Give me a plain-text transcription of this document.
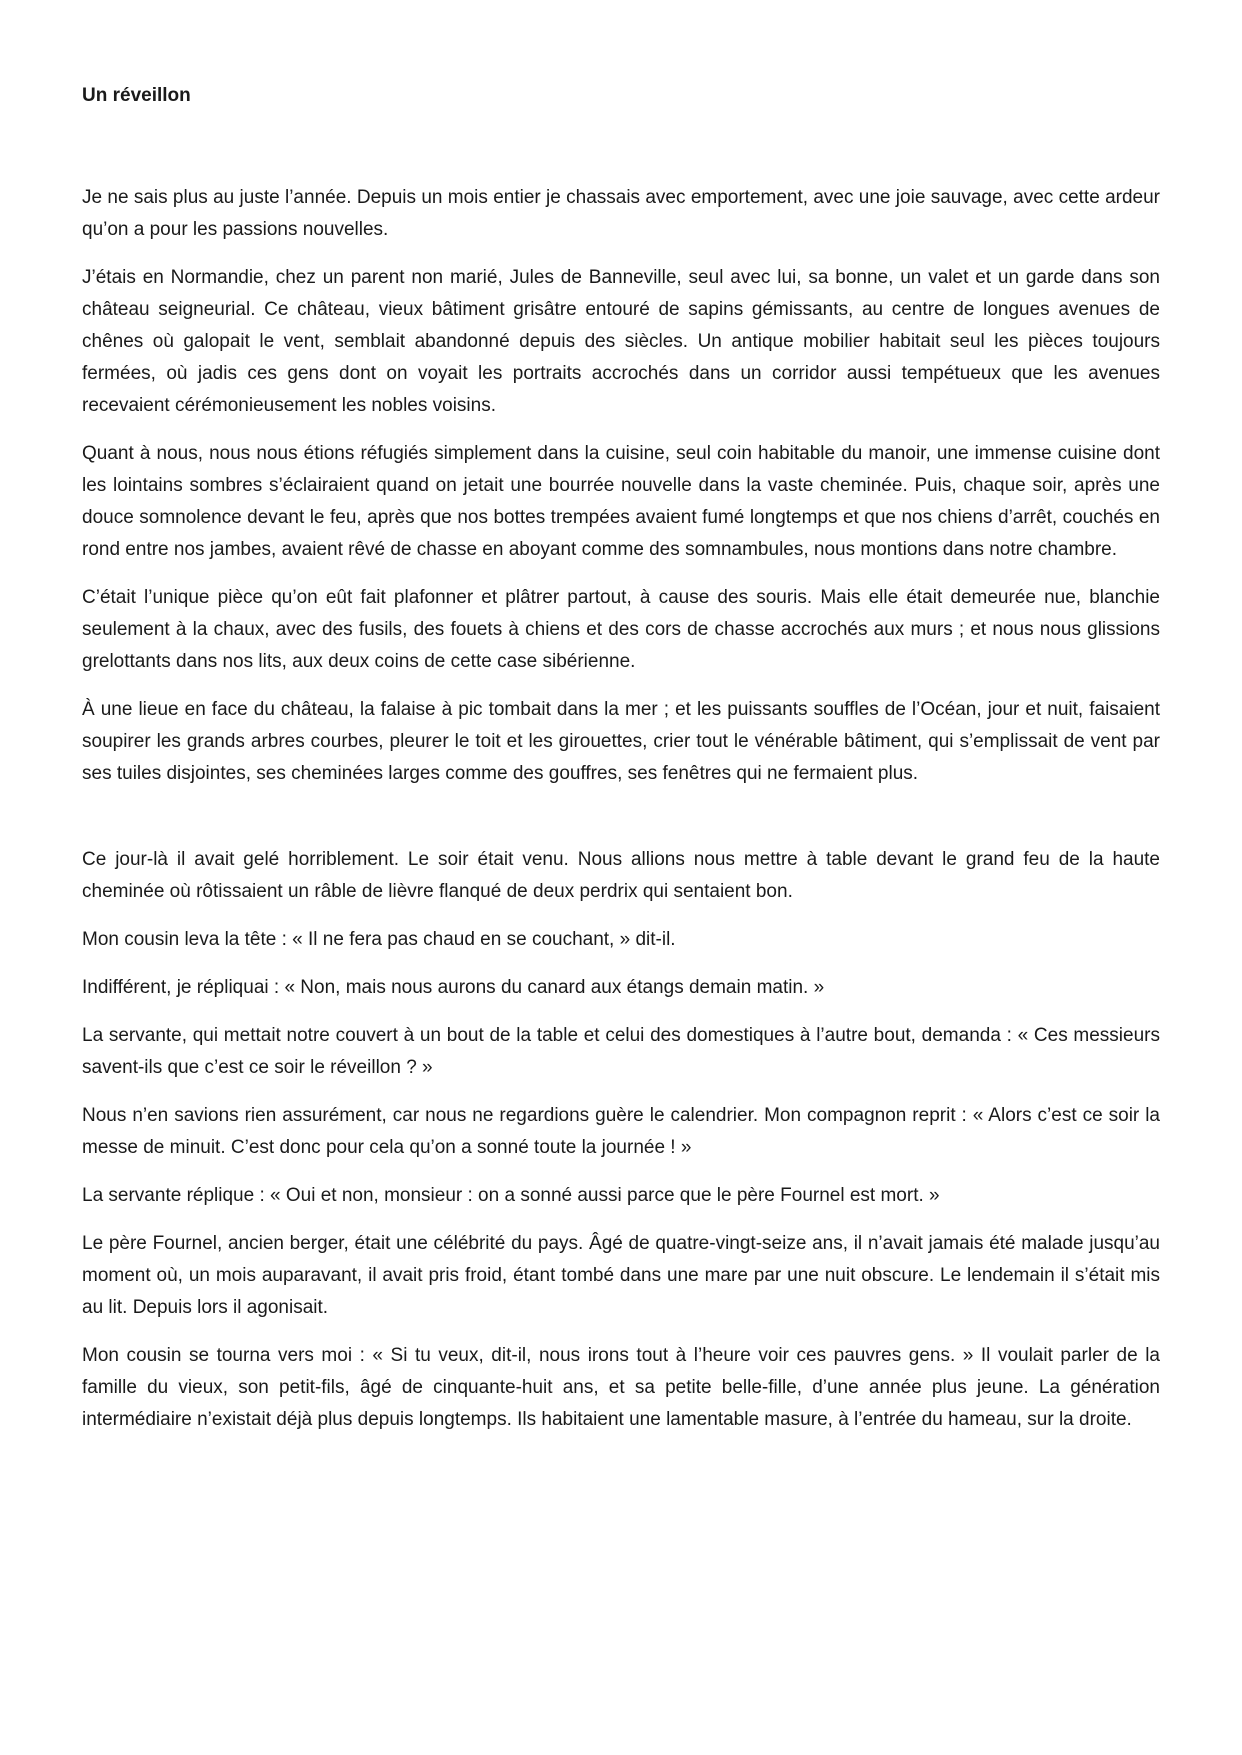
Un réveillon

Je ne sais plus au juste l’année. Depuis un mois entier je chassais avec emportement, avec une joie sauvage, avec cette ardeur qu’on a pour les passions nouvelles.

J’étais en Normandie, chez un parent non marié, Jules de Banneville, seul avec lui, sa bonne, un valet et un garde dans son château seigneurial. Ce château, vieux bâtiment grisâtre entouré de sapins gémissants, au centre de longues avenues de chênes où galopait le vent, semblait abandonné depuis des siècles. Un antique mobilier habitait seul les pièces toujours fermées, où jadis ces gens dont on voyait les portraits accrochés dans un corridor aussi tempétueux que les avenues recevaient cérémonieusement les nobles voisins.

Quant à nous, nous nous étions réfugiés simplement dans la cuisine, seul coin habitable du manoir, une immense cuisine dont les lointains sombres s’éclairaient quand on jetait une bourrée nouvelle dans la vaste cheminée. Puis, chaque soir, après une douce somnolence devant le feu, après que nos bottes trempées avaient fumé longtemps et que nos chiens d’arrêt, couchés en rond entre nos jambes, avaient rêvé de chasse en aboyant comme des somnambules, nous montions dans notre chambre.

C’était l’unique pièce qu’on eût fait plafonner et plâtrer partout, à cause des souris. Mais elle était demeurée nue, blanchie seulement à la chaux, avec des fusils, des fouets à chiens et des cors de chasse accrochés aux murs ; et nous nous glissions grelottants dans nos lits, aux deux coins de cette case sibérienne.

À une lieue en face du château, la falaise à pic tombait dans la mer ; et les puissants souffles de l’Océan, jour et nuit, faisaient soupirer les grands arbres courbes, pleurer le toit et les girouettes, crier tout le vénérable bâtiment, qui s’emplissait de vent par ses tuiles disjointes, ses cheminées larges comme des gouffres, ses fenêtres qui ne fermaient plus.

Ce jour-là il avait gelé horriblement. Le soir était venu. Nous allions nous mettre à table devant le grand feu de la haute cheminée où rôtissaient un râble de lièvre flanqué de deux perdrix qui sentaient bon.

Mon cousin leva la tête : « Il ne fera pas chaud en se couchant, » dit-il.

Indifférent, je répliquai : « Non, mais nous aurons du canard aux étangs demain matin. »

La servante, qui mettait notre couvert à un bout de la table et celui des domestiques à l’autre bout, demanda : « Ces messieurs savent-ils que c’est ce soir le réveillon ? »

Nous n’en savions rien assurément, car nous ne regardions guère le calendrier. Mon compagnon reprit : « Alors c’est ce soir la messe de minuit. C’est donc pour cela qu’on a sonné toute la journée ! »

La servante réplique : « Oui et non, monsieur : on a sonné aussi parce que le père Fournel est mort. »

Le père Fournel, ancien berger, était une célébrité du pays. Âgé de quatre-vingt-seize ans, il n’avait jamais été malade jusqu’au moment où, un mois auparavant, il avait pris froid, étant tombé dans une mare par une nuit obscure. Le lendemain il s’était mis au lit. Depuis lors il agonisait.

Mon cousin se tourna vers moi : « Si tu veux, dit-il, nous irons tout à l’heure voir ces pauvres gens. » Il voulait parler de la famille du vieux, son petit-fils, âgé de cinquante-huit ans, et sa petite belle-fille, d’une année plus jeune. La génération intermédiaire n’existait déjà plus depuis longtemps. Ils habitaient une lamentable masure, à l’entrée du hameau, sur la droite.
